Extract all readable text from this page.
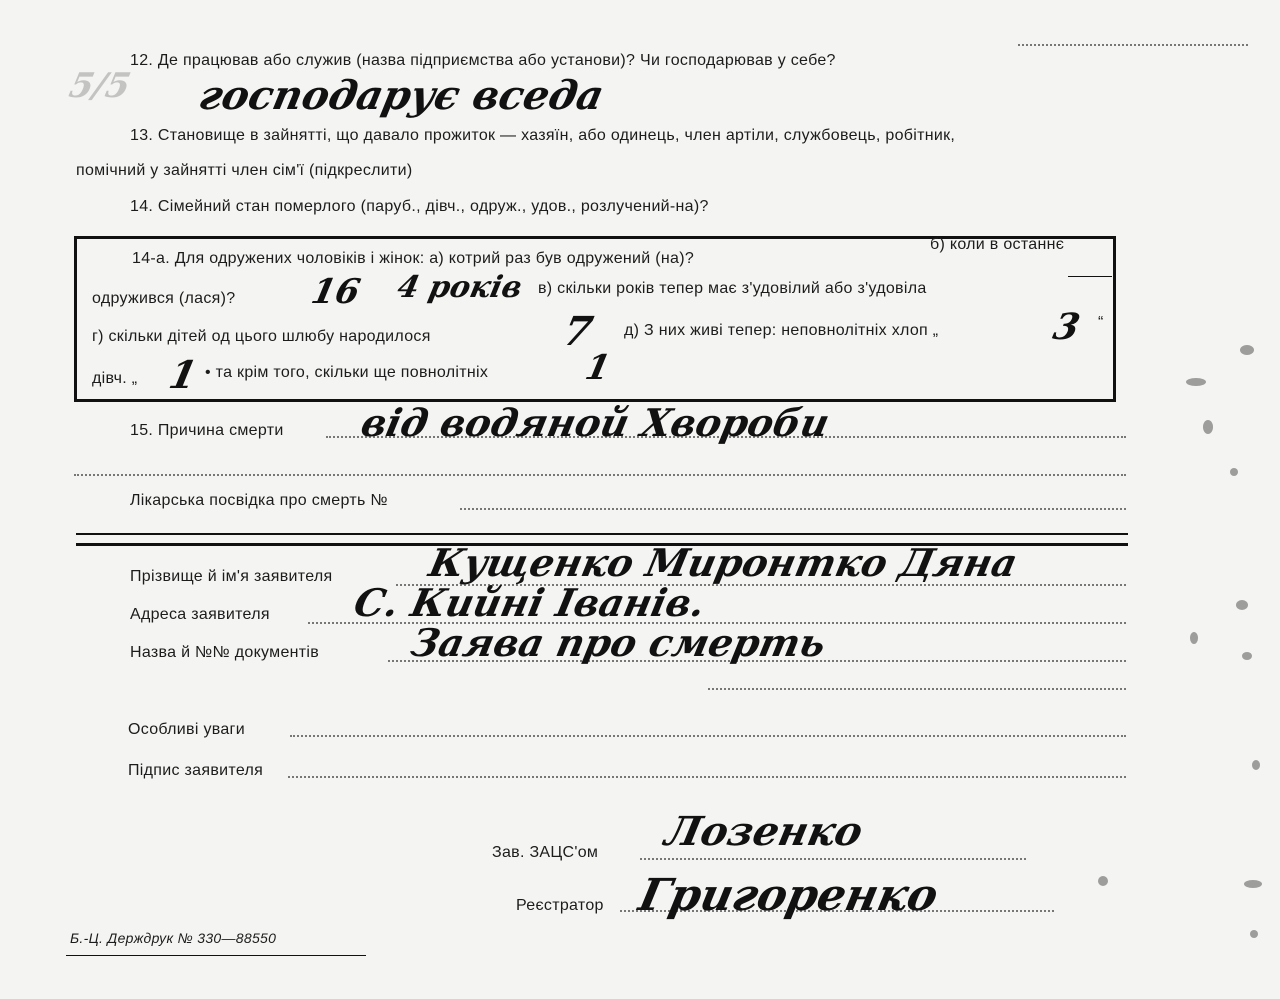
5/5
12. Де працював або служив (назва підприємства або установи)? Чи господарював у себе?
господарує вседа
13. Становище в зайнятті, що давало прожиток — хазяїн, або одинець, член артіли, службовець, робітник,
помічний у зайнятті член сім'ї (підкреслити)
14. Сімейний стан померлого (паруб., дівч., одруж., удов., розлучений-на)?
14-а. Для одружених чоловіків і жінок: а) котрий раз був одружений (на)?
б) коли в останнє
одружився (лася)? 16 4 років в) скільки років тепер має з'удовілий або з'удовіла
г) скільки дітей од цього шлюбу народилося	7 д) З них живі тепер: неповнолітніх хлоп „	3 “
дівч. „ 1 • та крім того, скільки ще повнолітніх	1
15. Причина смерти від водяной Хвороби
Лікарська посвідка про смерть №
Прізвище й ім'я заявителя Кущенко Миронтко Дяна
Адреса заявителя С. Кийні Іванів.
Назва й №№ документів Заява про смерть
Особливі уваги
Підпис заявителя
Зав. ЗАЦС'ом Лозенко
Реєстратор Григоренко
Б.-Ц. Держдрук № 330—88550
